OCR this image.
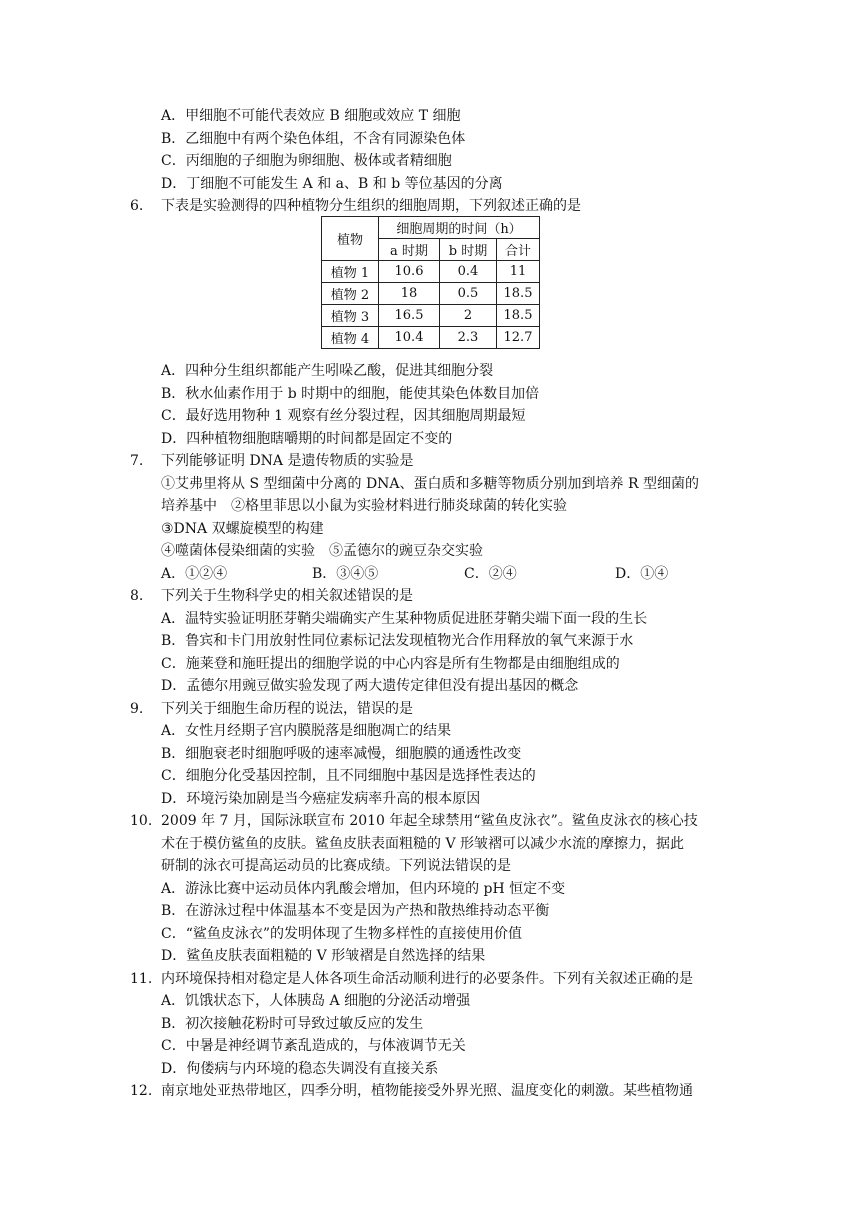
A．甲细胞不可能代表效应 B 细胞或效应 T 细胞
B．乙细胞中有两个染色体组，不含有同源染色体
C．丙细胞的子细胞为卵细胞、极体或者精细胞
D．丁细胞不可能发生 A 和 a、B 和 b 等位基因的分离
6. 下表是实验测得的四种植物分生组织的细胞周期，下列叙述正确的是
植物	细胞周期的时间（h）		
	a 时期	b 时期	合计
植物 1	10.6	0.4	11
植物 2	18	0.5	18.5
植物 3	16.5	2	18.5
植物 4	10.4	2.3	12.7
A．四种分生组织都能产生吲哚乙酸，促进其细胞分裂
B．秋水仙素作用于 b 时期中的细胞，能使其染色体数目加倍
C．最好选用物种 1 观察有丝分裂过程，因其细胞周期最短
D．四种植物细胞瞎嚼期的时间都是固定不变的
7. 下列能够证明 DNA 是遗传物质的实验是
①艾弗里将从 S 型细菌中分离的 DNA、蛋白质和多糖等物质分别加到培养 R 型细菌的
培养基中　②格里菲思以小鼠为实验材料进行肺炎球菌的转化实验
③DNA 双螺旋模型的构建
④噬菌体侵染细菌的实验　⑤孟德尔的豌豆杂交实验
A．①②④	B．③④⑤	C．②④	D．①④
8. 下列关于生物科学史的相关叙述错误的是
A．温特实验证明胚芽鞘尖端确实产生某种物质促进胚芽鞘尖端下面一段的生长
B．鲁宾和卡门用放射性同位素标记法发现植物光合作用释放的氧气来源于水
C．施莱登和施旺提出的细胞学说的中心内容是所有生物都是由细胞组成的
D．孟德尔用豌豆做实验发现了两大遗传定律但没有提出基因的概念
9. 下列关于细胞生命历程的说法，错误的是
A．女性月经期子宫内膜脱落是细胞凋亡的结果
B．细胞衰老时细胞呼吸的速率减慢，细胞膜的通透性改变
C．细胞分化受基因控制，且不同细胞中基因是选择性表达的
D．环境污染加剧是当今癌症发病率升高的根本原因
10. 2009 年 7 月，国际泳联宣布 2010 年起全球禁用“鲨鱼皮泳衣”。鲨鱼皮泳衣的核心技
术在于模仿鲨鱼的皮肤。鲨鱼皮肤表面粗糙的 V 形皱褶可以减少水流的摩擦力，据此
研制的泳衣可提高运动员的比赛成绩。下列说法错误的是
A．游泳比赛中运动员体内乳酸会增加，但内环境的 pH 恒定不变
B．在游泳过程中体温基本不变是因为产热和散热维持动态平衡
C．“鲨鱼皮泳衣”的发明体现了生物多样性的直接使用价值
D．鲨鱼皮肤表面粗糙的 V 形皱褶是自然选择的结果
11. 内环境保持相对稳定是人体各项生命活动顺利进行的必要条件。下列有关叙述正确的是
A．饥饿状态下，人体胰岛 A 细胞的分泌活动增强
B．初次接触花粉时可导致过敏反应的发生
C．中暑是神经调节紊乱造成的，与体液调节无关
D．佝偻病与内环境的稳态失调没有直接关系
12. 南京地处亚热带地区，四季分明，植物能接受外界光照、温度变化的刺激。某些植物通
